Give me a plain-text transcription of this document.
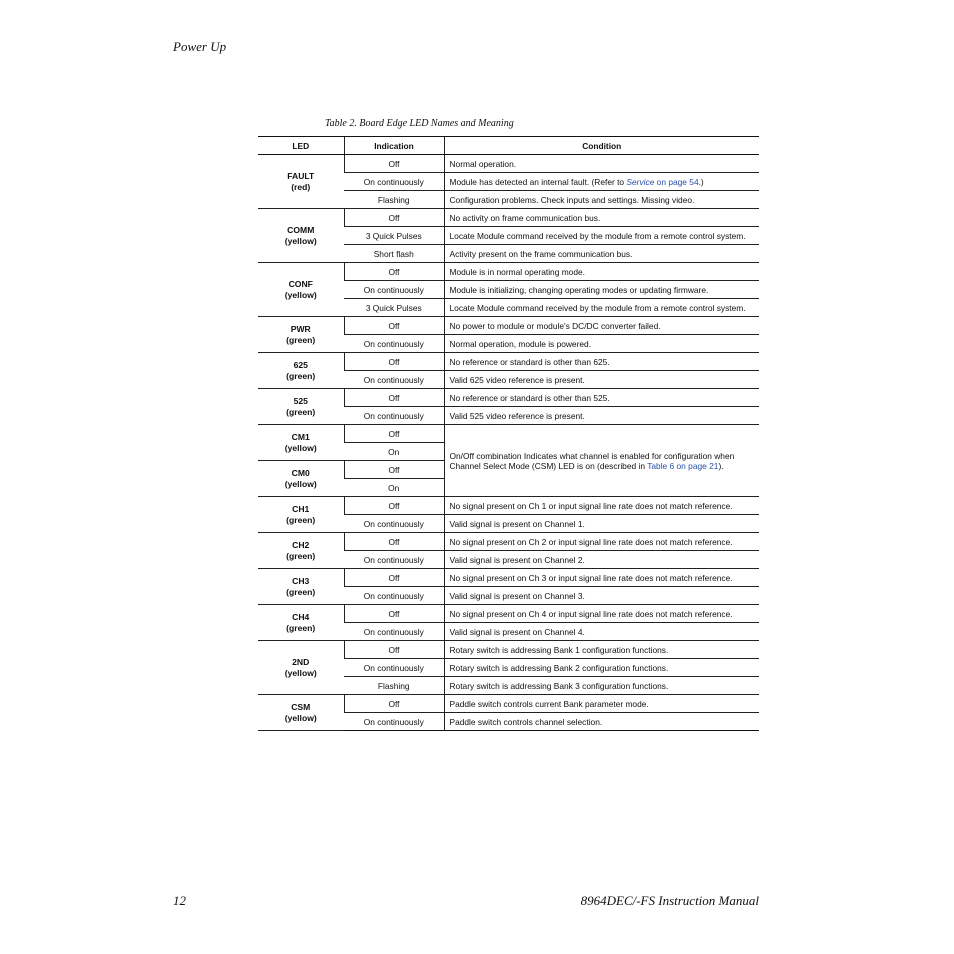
Power Up
Table 2. Board Edge LED Names and Meaning
LED	Indication	Condition

FAULT
(red)	Off	Normal operation.
	On continuously	Module has detected an internal fault. (Refer to Service on page 54.)
	Flashing	Configuration problems. Check inputs and settings. Missing video.

COMM
(yellow)	Off	No activity on frame communication bus.
	3 Quick Pulses	Locate Module command received by the module from a remote control system.
	Short flash	Activity present on the frame communication bus.

CONF
(yellow)	Off	Module is in normal operating mode.
	On continuously	Module is initializing, changing operating modes or updating firmware.
	3 Quick Pulses	Locate Module command received by the module from a remote control system.

PWR
(green)	Off	No power to module or module's DC/DC converter failed.
	On continuously	Normal operation, module is powered.

625
(green)	Off	No reference or standard is other than 625.
	On continuously	Valid 625 video reference is present.

525
(green)	Off	No reference or standard is other than 525.
	On continuously	Valid 525 video reference is present.

CM1
(yellow)	Off	On/Off combination Indicates what channel is enabled for configuration when Channel Select Mode (CSM) LED is on (described in Table 6 on page 21).
	On	

CM0
(yellow)	Off	
	On	

CH1
(green)	Off	No signal present on Ch 1 or input signal line rate does not match reference.
	On continuously	Valid signal is present on Channel 1.

CH2
(green)	Off	No signal present on Ch 2 or input signal line rate does not match reference.
	On continuously	Valid signal is present on Channel 2.

CH3
(green)	Off	No signal present on Ch 3 or input signal line rate does not match reference.
	On continuously	Valid signal is present on Channel 3.

CH4
(green)	Off	No signal present on Ch 4 or input signal line rate does not match reference.
	On continuously	Valid signal is present on Channel 4.

2ND
(yellow)	Off	Rotary switch is addressing Bank 1 configuration functions.
	On continuously	Rotary switch is addressing Bank 2 configuration functions.
	Flashing	Rotary switch is addressing Bank 3 configuration functions.

CSM
(yellow)	Off	Paddle switch controls current Bank parameter mode.
	On continuously	Paddle switch controls channel selection.
12	8964DEC/-FS Instruction Manual
